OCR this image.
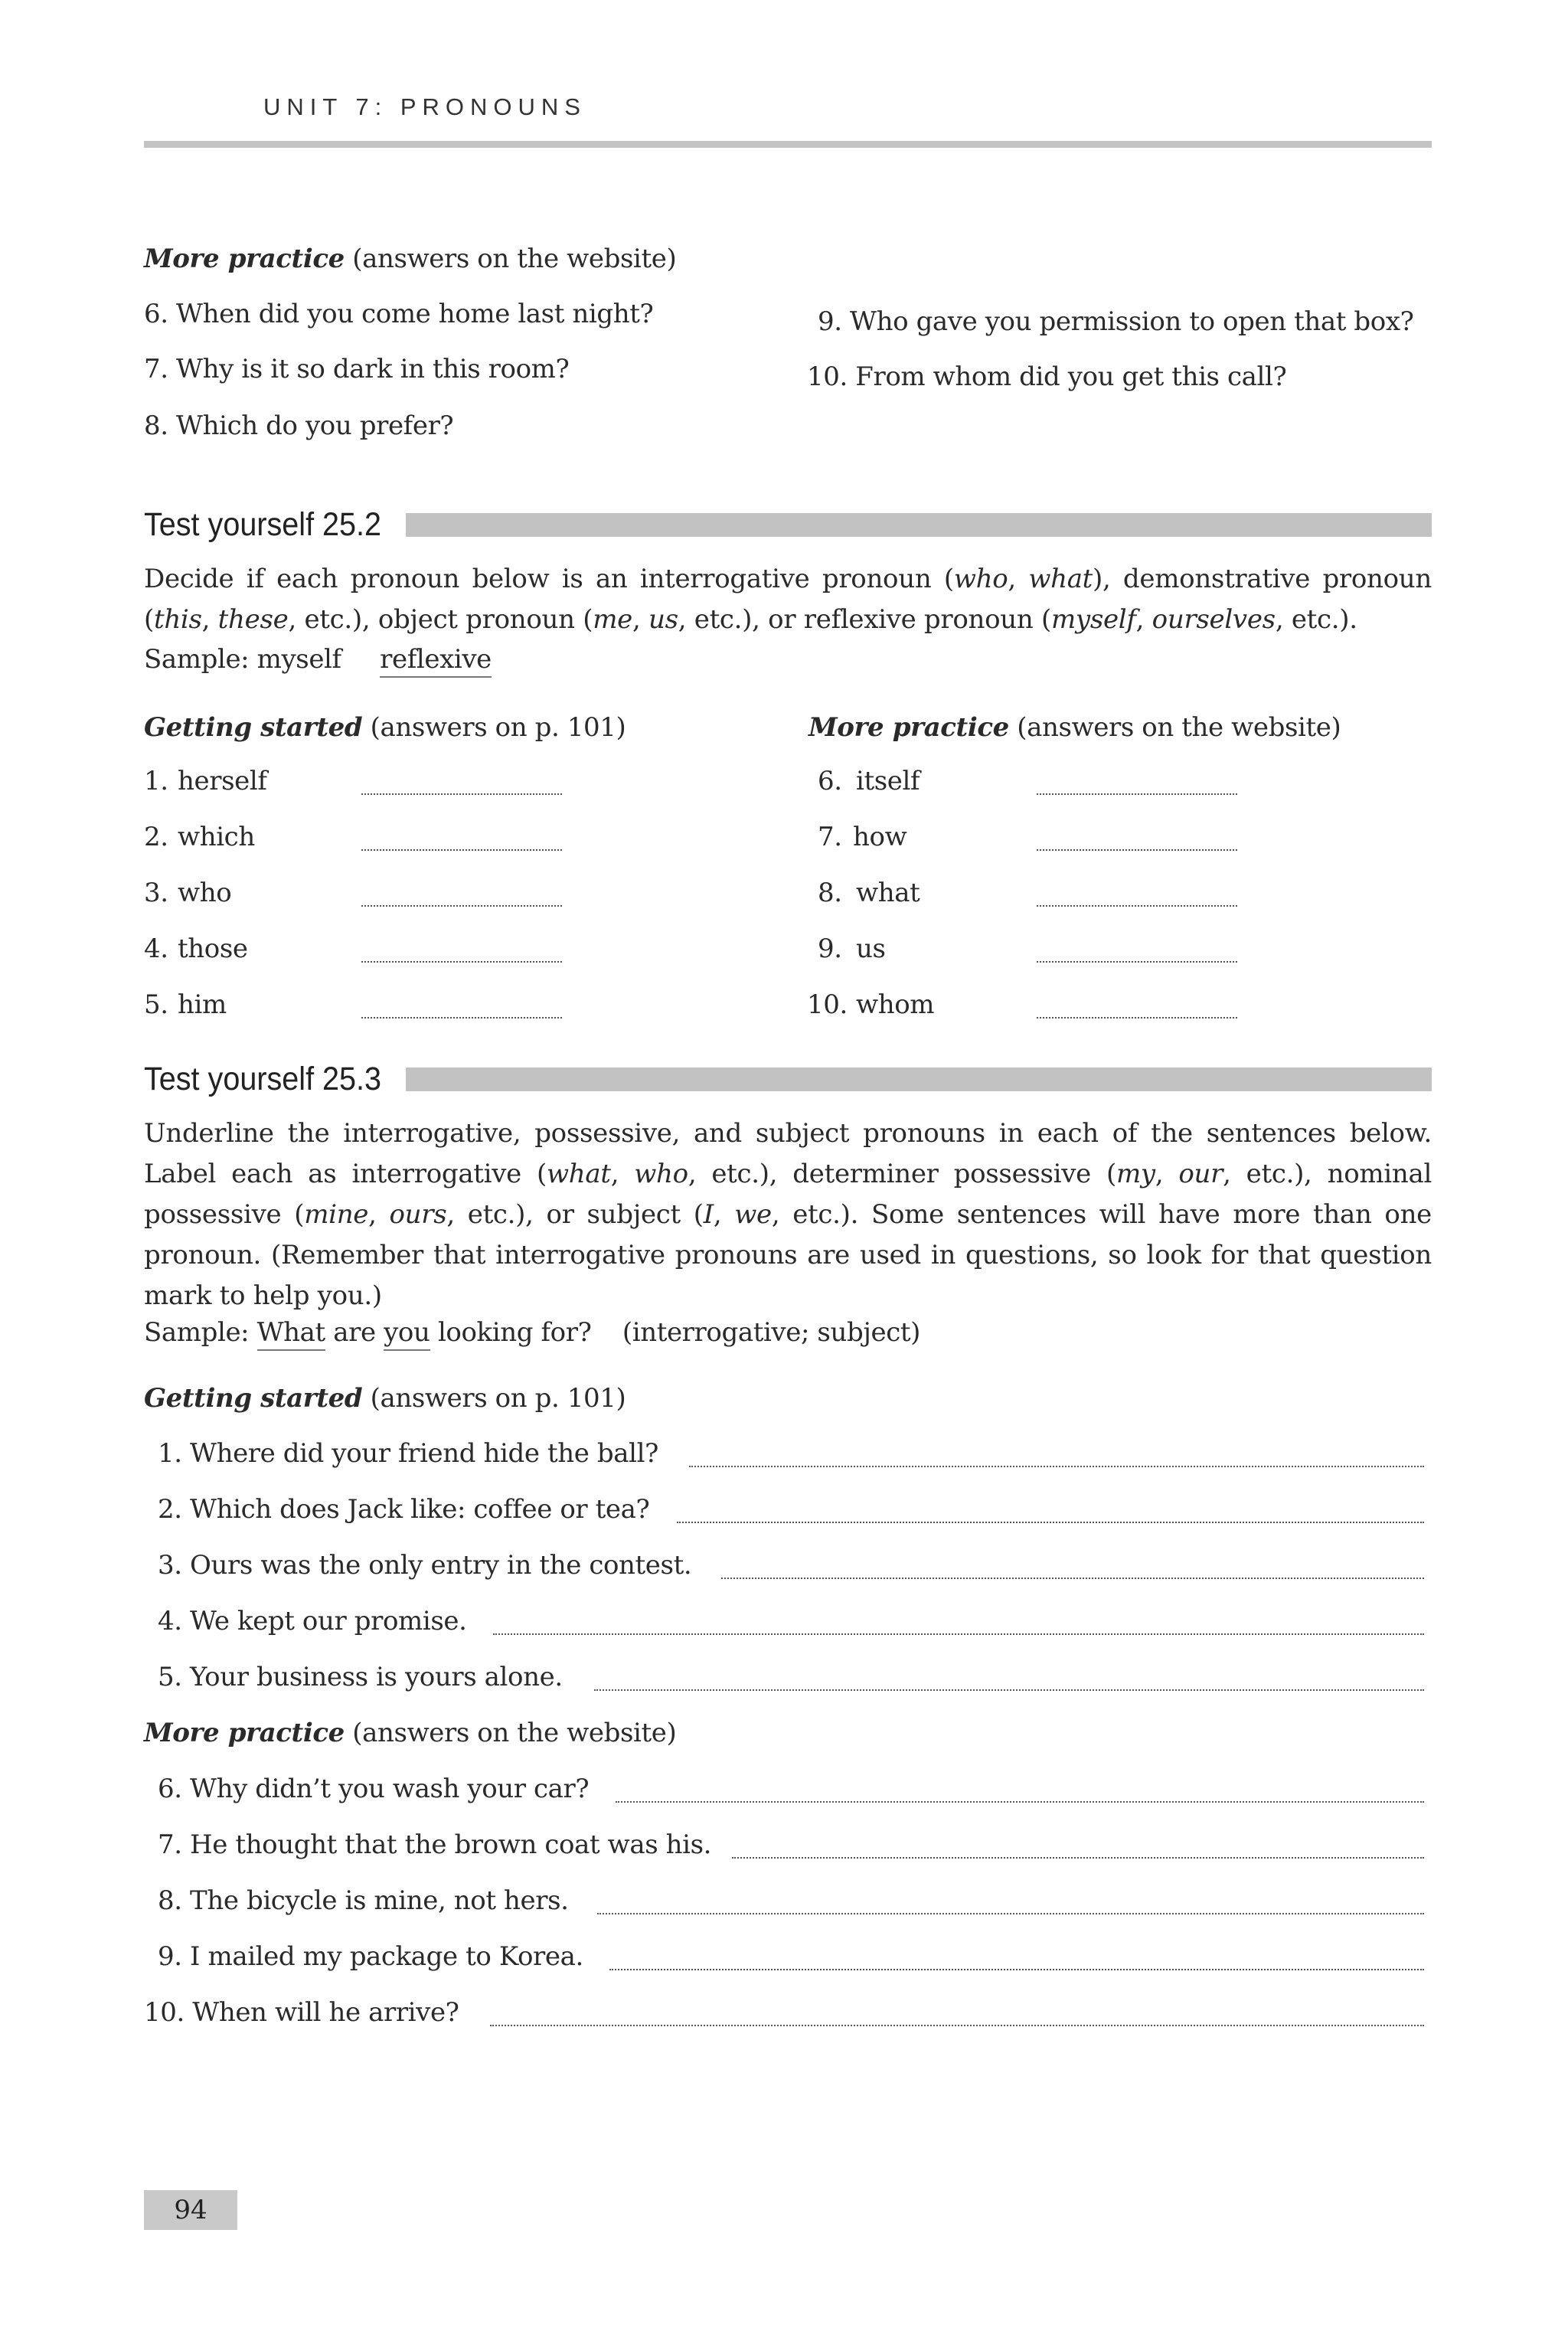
UNIT 7: PRONOUNS
More practice (answers on the website)
6. When did you come home last night?
7. Why is it so dark in this room?
8. Which do you prefer?
9. Who gave you permission to open that box?
10. From whom did you get this call?
Test yourself 25.2
Decide if each pronoun below is an interrogative pronoun (who, what), demonstrative pronoun (this, these, etc.), object pronoun (me, us, etc.), or reflexive pronoun (myself, ourselves, etc.).
Sample: myself reflexive
Getting started (answers on p. 101)
1. herself
2. which
3. who
4. those
5. him
More practice (answers on the website)
6. itself
7. how
8. what
9. us
10. whom
Test yourself 25.3
Underline the interrogative, possessive, and subject pronouns in each of the sentences below. Label each as interrogative (what, who, etc.), determiner possessive (my, our, etc.), nominal possessive (mine, ours, etc.), or subject (I, we, etc.). Some sentences will have more than one pronoun. (Remember that interrogative pronouns are used in questions, so look for that question mark to help you.)
Sample: What are you looking for? (interrogative; subject)
Getting started (answers on p. 101)
1. Where did your friend hide the ball?
2. Which does Jack like: coffee or tea?
3. Ours was the only entry in the contest.
4. We kept our promise.
5. Your business is yours alone.
More practice (answers on the website)
6. Why didn’t you wash your car?
7. He thought that the brown coat was his.
8. The bicycle is mine, not hers.
9. I mailed my package to Korea.
10. When will he arrive?
94
